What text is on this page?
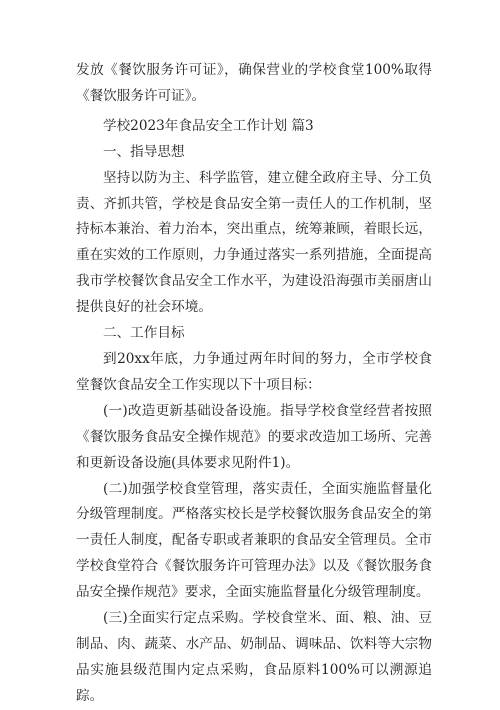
发放《餐饮服务许可证》，确保营业的学校食堂100%取得《餐饮服务许可证》。

学校2023年食品安全工作计划 篇3

一、指导思想

坚持以防为主、科学监管，建立健全政府主导、分工负责、齐抓共管，学校是食品安全第一责任人的工作机制，坚持标本兼治、着力治本，突出重点，统筹兼顾，着眼长远，重在实效的工作原则，力争通过落实一系列措施，全面提高我市学校餐饮食品安全工作水平，为建设沿海强市美丽唐山提供良好的社会环境。

二、工作目标

到20xx年底，力争通过两年时间的努力，全市学校食堂餐饮食品安全工作实现以下十项目标：

(一)改造更新基础设备设施。指导学校食堂经营者按照《餐饮服务食品安全操作规范》的要求改造加工场所、完善和更新设备设施(具体要求见附件1)。

(二)加强学校食堂管理，落实责任，全面实施监督量化分级管理制度。严格落实校长是学校餐饮服务食品安全的第一责任人制度，配备专职或者兼职的食品安全管理员。全市学校食堂符合《餐饮服务许可管理办法》以及《餐饮服务食品安全操作规范》要求，全面实施监督量化分级管理制度。

(三)全面实行定点采购。学校食堂米、面、粮、油、豆制品、肉、蔬菜、水产品、奶制品、调味品、饮料等大宗物品实施县级范围内定点采购，食品原料100%可以溯源追踪。
